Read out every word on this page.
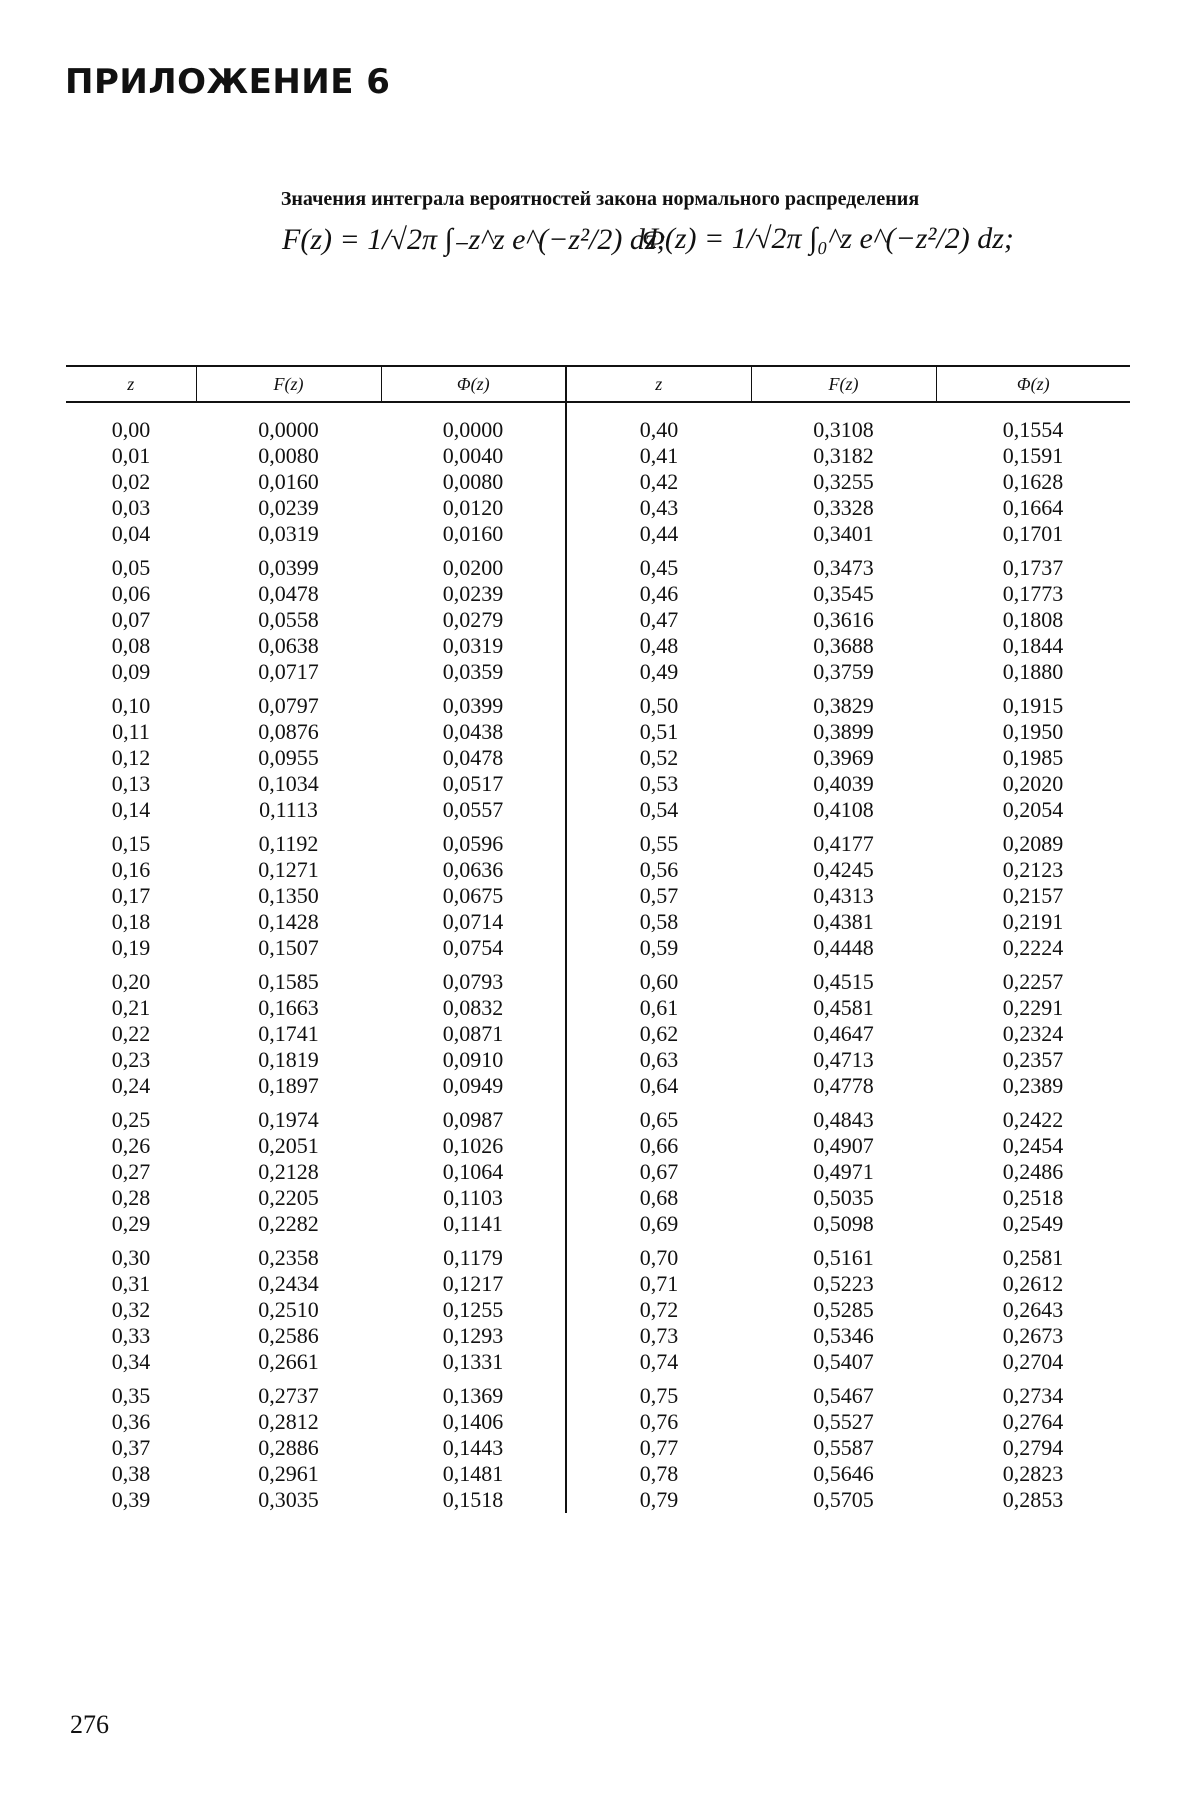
ПРИЛОЖЕНИЕ 6
Значения интеграла вероятностей закона нормального распределения
F(z) = 1/√2π ∫₋z^z e^(−z²/2) dz;
Φ(z) = 1/√2π ∫₀^z e^(−z²/2) dz;
z	F(z)	Φ(z)	z	F(z)	Φ(z)
0,00	0,0000	0,0000	0,40	0,3108	0,1554
0,01	0,0080	0,0040	0,41	0,3182	0,1591
0,02	0,0160	0,0080	0,42	0,3255	0,1628
0,03	0,0239	0,0120	0,43	0,3328	0,1664
0,04	0,0319	0,0160	0,44	0,3401	0,1701
0,05	0,0399	0,0200	0,45	0,3473	0,1737
0,06	0,0478	0,0239	0,46	0,3545	0,1773
0,07	0,0558	0,0279	0,47	0,3616	0,1808
0,08	0,0638	0,0319	0,48	0,3688	0,1844
0,09	0,0717	0,0359	0,49	0,3759	0,1880
0,10	0,0797	0,0399	0,50	0,3829	0,1915
0,11	0,0876	0,0438	0,51	0,3899	0,1950
0,12	0,0955	0,0478	0,52	0,3969	0,1985
0,13	0,1034	0,0517	0,53	0,4039	0,2020
0,14	0,1113	0,0557	0,54	0,4108	0,2054
0,15	0,1192	0,0596	0,55	0,4177	0,2089
0,16	0,1271	0,0636	0,56	0,4245	0,2123
0,17	0,1350	0,0675	0,57	0,4313	0,2157
0,18	0,1428	0,0714	0,58	0,4381	0,2191
0,19	0,1507	0,0754	0,59	0,4448	0,2224
0,20	0,1585	0,0793	0,60	0,4515	0,2257
0,21	0,1663	0,0832	0,61	0,4581	0,2291
0,22	0,1741	0,0871	0,62	0,4647	0,2324
0,23	0,1819	0,0910	0,63	0,4713	0,2357
0,24	0,1897	0,0949	0,64	0,4778	0,2389
0,25	0,1974	0,0987	0,65	0,4843	0,2422
0,26	0,2051	0,1026	0,66	0,4907	0,2454
0,27	0,2128	0,1064	0,67	0,4971	0,2486
0,28	0,2205	0,1103	0,68	0,5035	0,2518
0,29	0,2282	0,1141	0,69	0,5098	0,2549
0,30	0,2358	0,1179	0,70	0,5161	0,2581
0,31	0,2434	0,1217	0,71	0,5223	0,2612
0,32	0,2510	0,1255	0,72	0,5285	0,2643
0,33	0,2586	0,1293	0,73	0,5346	0,2673
0,34	0,2661	0,1331	0,74	0,5407	0,2704
0,35	0,2737	0,1369	0,75	0,5467	0,2734
0,36	0,2812	0,1406	0,76	0,5527	0,2764
0,37	0,2886	0,1443	0,77	0,5587	0,2794
0,38	0,2961	0,1481	0,78	0,5646	0,2823
0,39	0,3035	0,1518	0,79	0,5705	0,2853
276
